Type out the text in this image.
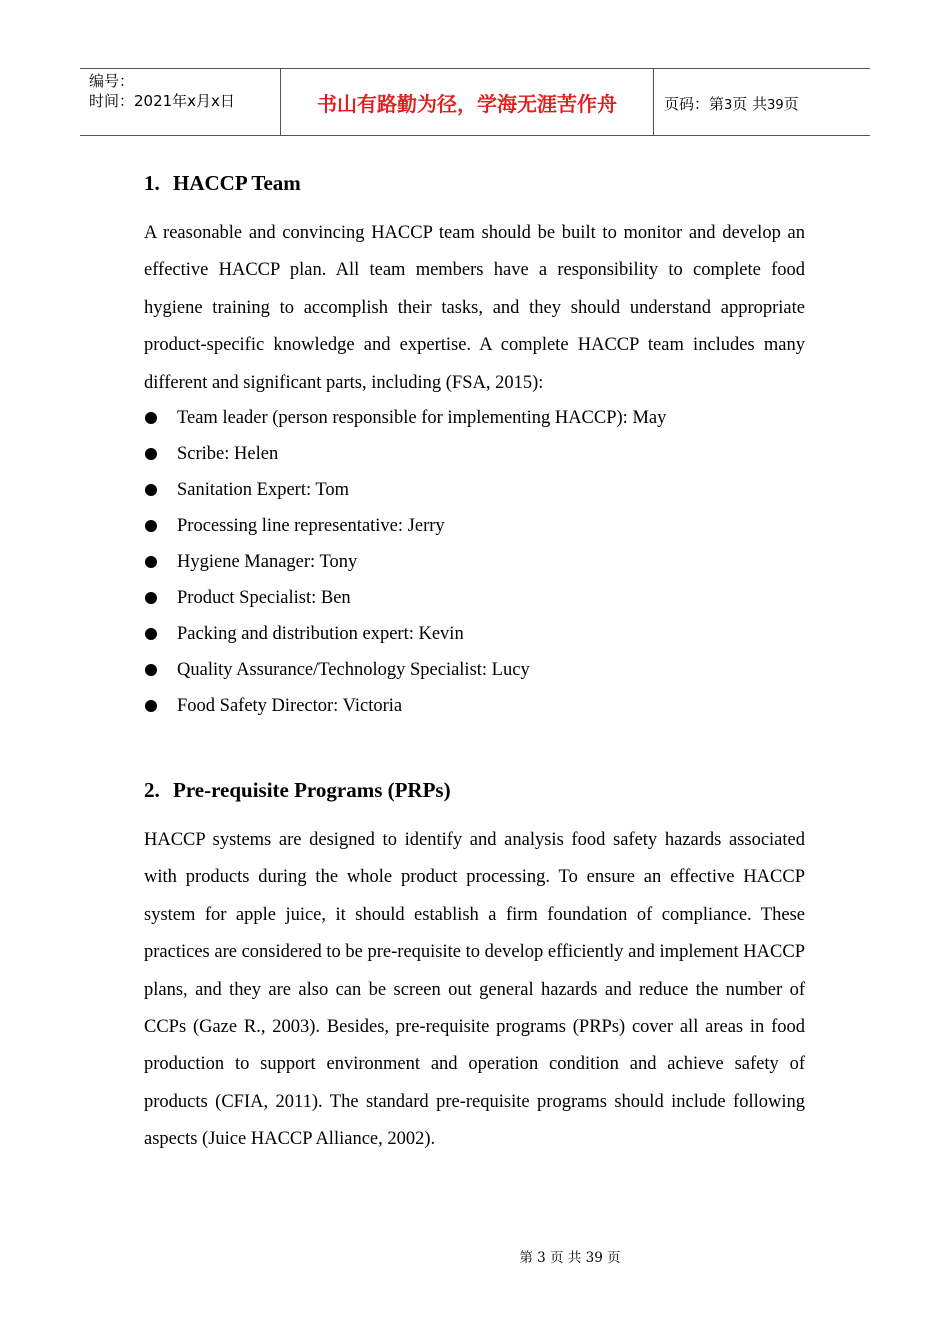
编号：
时间：2021年x月x日	书山有路勤为径，学海无涯苦作舟	页码：第3页 共39页
1. HACCP Team

A reasonable and convincing HACCP team should be built to monitor and develop an effective HACCP plan. All team members have a responsibility to complete food hygiene training to accomplish their tasks, and they should understand appropriate product-specific knowledge and expertise. A complete HACCP team includes many different and significant parts, including (FSA, 2015):

Team leader (person responsible for implementing HACCP): May
Scribe: Helen
Sanitation Expert: Tom
Processing line representative: Jerry
Hygiene Manager: Tony
Product Specialist: Ben
Packing and distribution expert: Kevin
Quality Assurance/Technology Specialist: Lucy
Food Safety Director: Victoria
2. Pre-requisite Programs (PRPs)

HACCP systems are designed to identify and analysis food safety hazards associated with products during the whole product processing. To ensure an effective HACCP system for apple juice, it should establish a firm foundation of compliance. These practices are considered to be pre-requisite to develop efficiently and implement HACCP plans, and they are also can be screen out general hazards and reduce the number of CCPs (Gaze R., 2003). Besides, pre-requisite programs (PRPs) cover all areas in food production to support environment and operation condition and achieve safety of products (CFIA, 2011). The standard pre-requisite programs should include following aspects (Juice HACCP Alliance, 2002).

第 3 页 共 39 页
